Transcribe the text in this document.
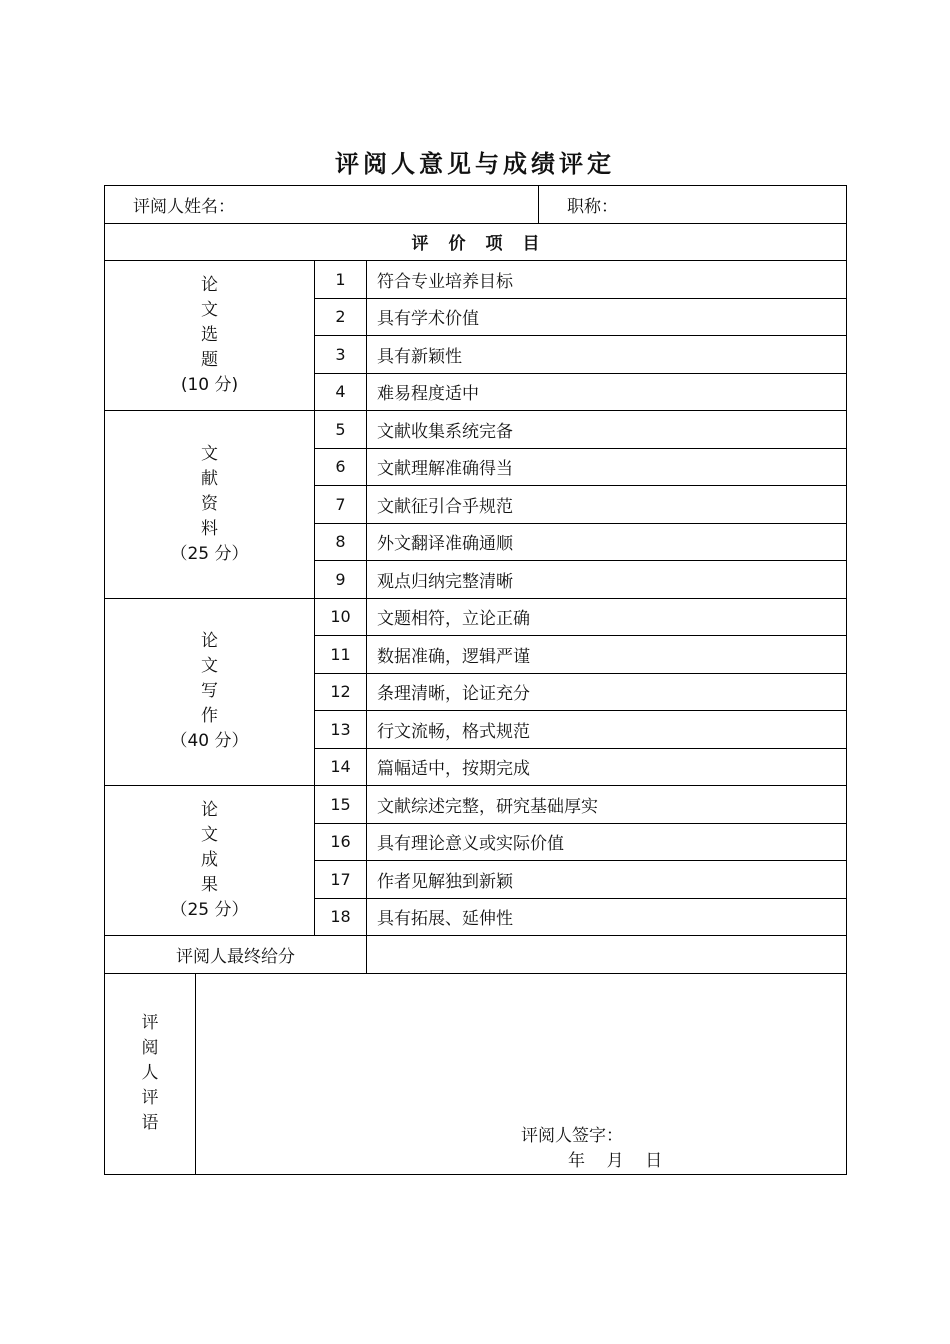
评阅人意见与成绩评定
评阅人姓名：				职称：
评价项目				
论文选题
(10 分)		1	符合专业培养目标	
		2	具有学术价值	
		3	具有新颖性	
		4	难易程度适中	
文献资料
（25 分）		5	文献收集系统完备	
		6	文献理解准确得当	
		7	文献征引合乎规范	
		8	外文翻译准确通顺	
		9	观点归纳完整清晰	
论文写作
（40 分）		10	文题相符，立论正确	
		11	数据准确，逻辑严谨	
		12	条理清晰，论证充分	
		13	行文流畅，格式规范	
		14	篇幅适中，按期完成	
论文成果
（25 分）		15	文献综述完整，研究基础厚实	
		16	具有理论意义或实际价值	
		17	作者见解独到新颖	
		18	具有拓展、延伸性	
评阅人最终给分				
评阅人评语	评阅人签字：
年    月    日			
